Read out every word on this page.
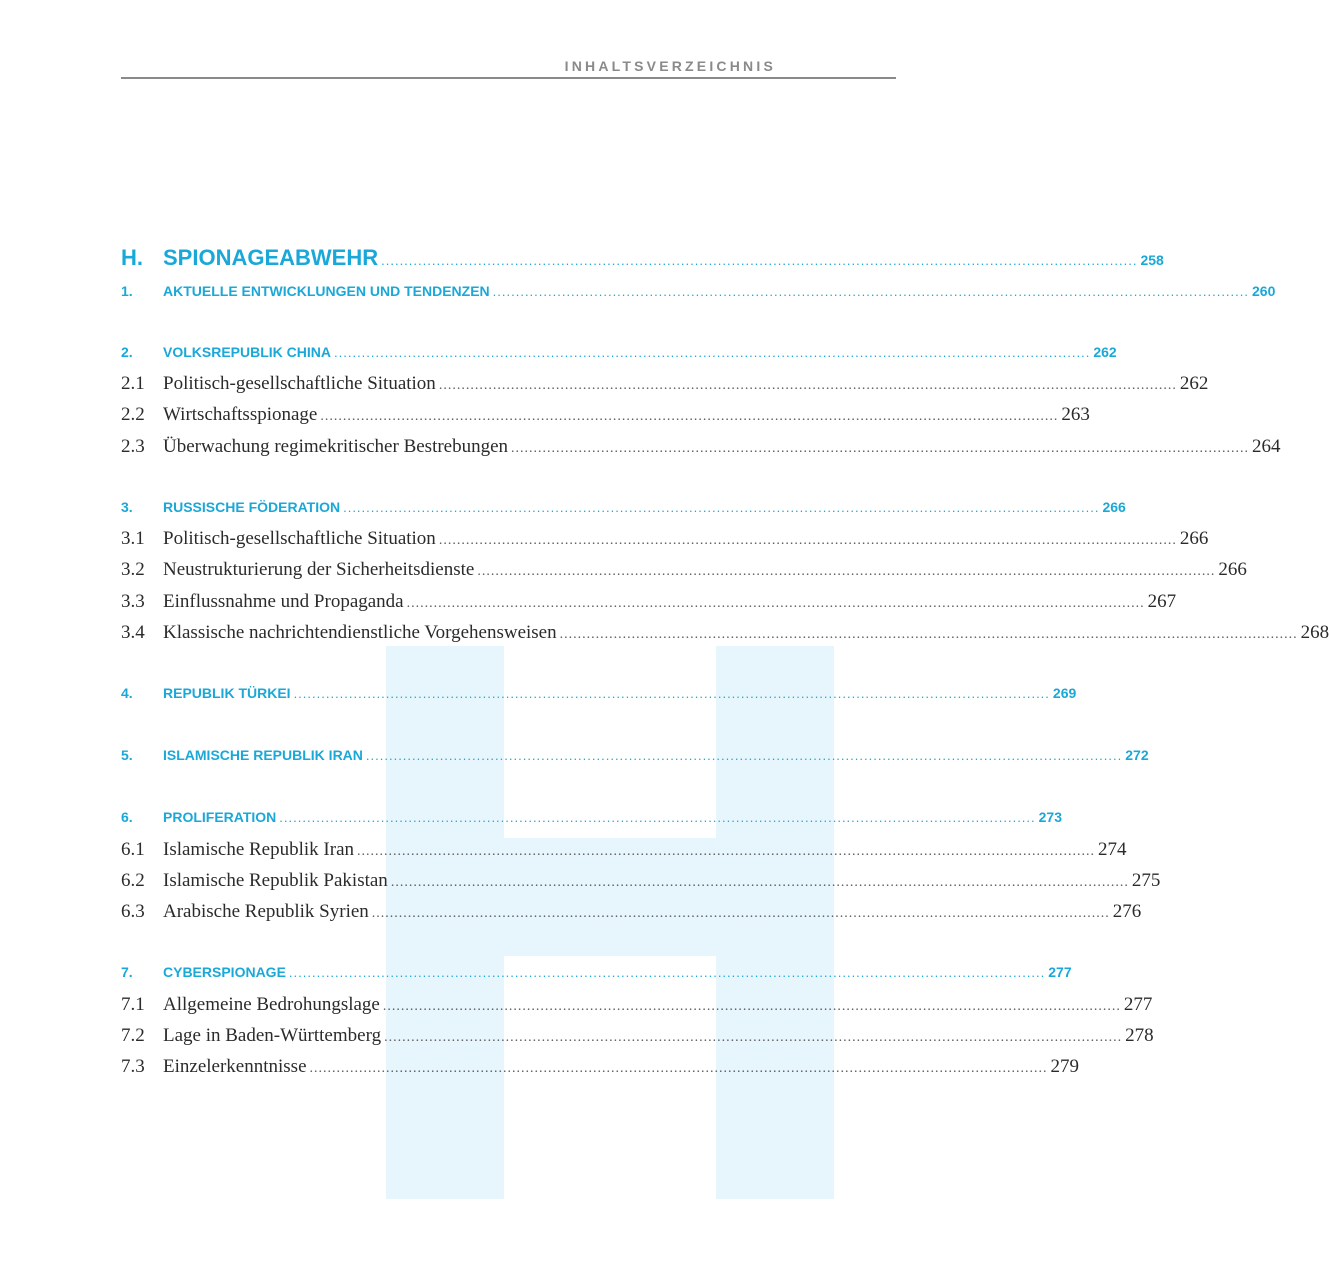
INHALTSVERZEICHNIS
H. SPIONAGEABWEHR .................................................................................................................................................................... 258
1.	AKTUELLE ENTWICKLUNGEN UND TENDENZEN .................................................................................................................................................................... 260
2.	VOLKSREPUBLIK CHINA .................................................................................................................................................................... 262
2.1 Politisch-gesellschaftliche Situation .................................................................................................................................................................... 262
2.2 Wirtschaftsspionage .................................................................................................................................................................... 263
2.3 Überwachung regimekritischer Bestrebungen .................................................................................................................................................................... 264
3.	RUSSISCHE FÖDERATION .................................................................................................................................................................... 266
3.1 Politisch-gesellschaftliche Situation .................................................................................................................................................................... 266
3.2 Neustrukturierung der Sicherheitsdienste .................................................................................................................................................................... 266
3.3 Einflussnahme und Propaganda .................................................................................................................................................................... 267
3.4 Klassische nachrichtendienstliche Vorgehensweisen .................................................................................................................................................................... 268
4.	REPUBLIK TÜRKEI .................................................................................................................................................................... 269
5.	ISLAMISCHE REPUBLIK IRAN .................................................................................................................................................................... 272
6.	PROLIFERATION .................................................................................................................................................................... 273
6.1 Islamische Republik Iran .................................................................................................................................................................... 274
6.2 Islamische Republik Pakistan .................................................................................................................................................................... 275
6.3 Arabische Republik Syrien .................................................................................................................................................................... 276
7.	CYBERSPIONAGE .................................................................................................................................................................... 277
7.1 Allgemeine Bedrohungslage .................................................................................................................................................................... 277
7.2 Lage in Baden-Württemberg .................................................................................................................................................................... 278
7.3 Einzelerkenntnisse .................................................................................................................................................................... 279
